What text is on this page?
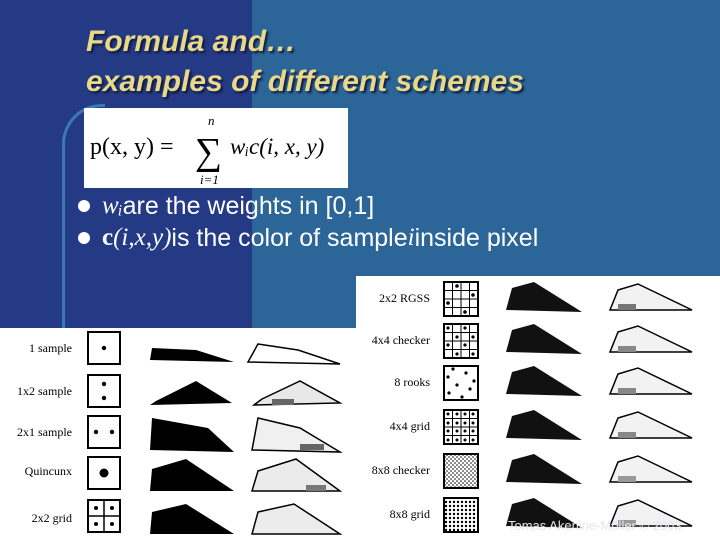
Formula and…
examples of different schemes
p(x, y) =
n
∑
i=1
wᵢc(i, x, y)
wᵢ are the weights in [0,1]
c(i,x,y) is the color of sample i inside pixel
1 sample
1x2 sample
2x1 sample
Quincunx
2x2 grid
2x2 RGSS
4x4 checker
8 rooks
4x4 grid
8x8 checker
8x8 grid
Tomas Akenine-Mőller © 2003
